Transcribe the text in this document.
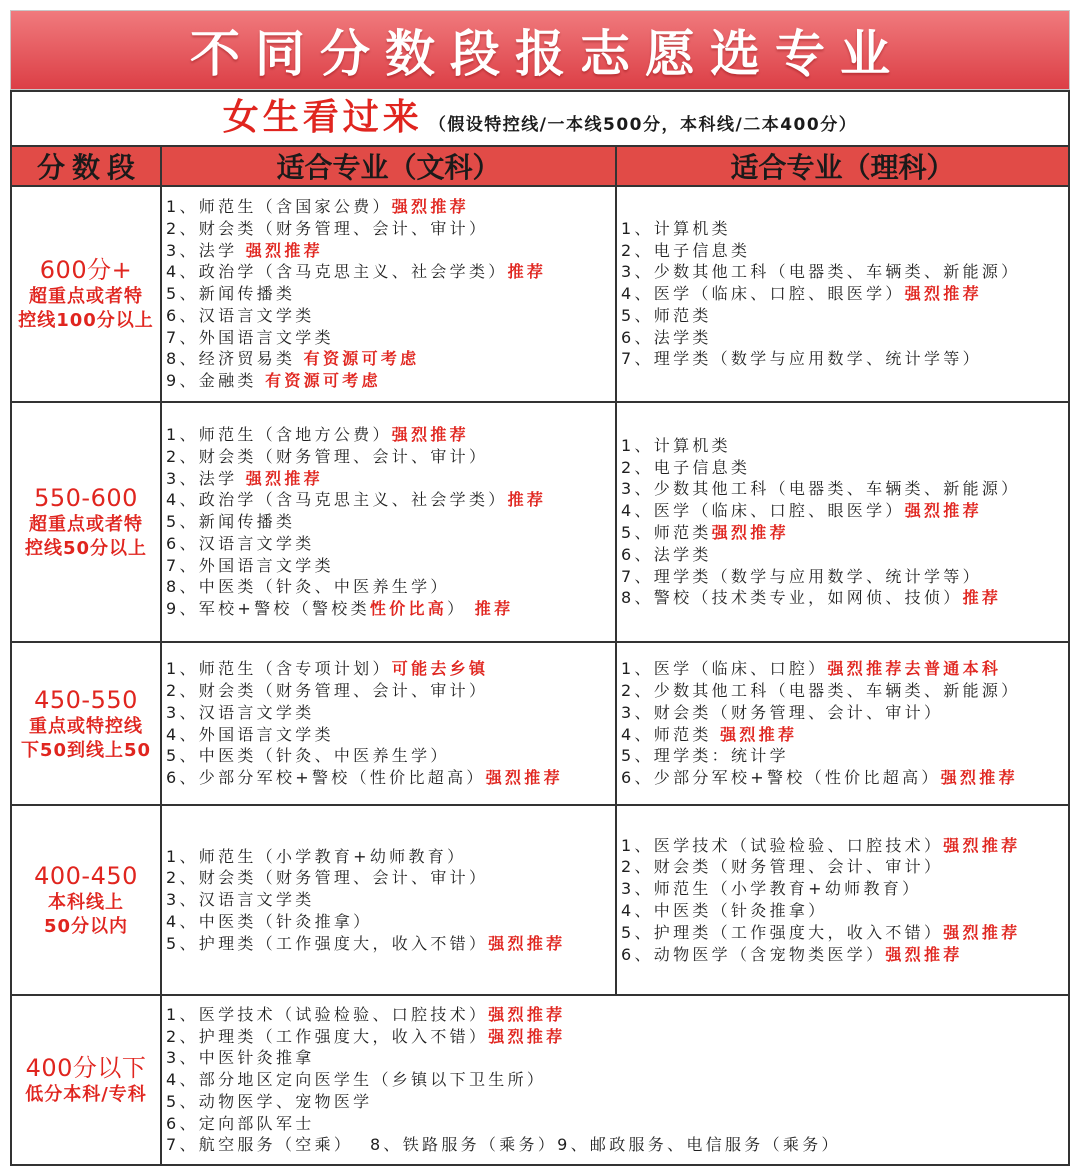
不同分数段报志愿选专业
女生看过来 （假设特控线/一本线500分，本科线/二本400分）
分数段	适合专业（文科）	适合专业（理科）
600分+
超重点或者特
控线100分以上
1、师范生（含国家公费）强烈推荐
2、财会类（财务管理、会计、审计）
3、法学 强烈推荐
4、政治学（含马克思主义、社会学类）推荐
5、新闻传播类
6、汉语言文学类
7、外国语言文学类
8、经济贸易类 有资源可考虑
9、金融类 有资源可考虑
1、计算机类
2、电子信息类
3、少数其他工科（电器类、车辆类、新能源）
4、医学（临床、口腔、眼医学）强烈推荐
5、师范类
6、法学类
7、理学类（数学与应用数学、统计学等）
550-600
超重点或者特
控线50分以上
1、师范生（含地方公费）强烈推荐
2、财会类（财务管理、会计、审计）
3、法学 强烈推荐
4、政治学（含马克思主义、社会学类）推荐
5、新闻传播类
6、汉语言文学类
7、外国语言文学类
8、中医类（针灸、中医养生学）
9、军校+警校（警校类性价比高） 推荐
1、计算机类
2、电子信息类
3、少数其他工科（电器类、车辆类、新能源）
4、医学（临床、口腔、眼医学）强烈推荐
5、师范类强烈推荐
6、法学类
7、理学类（数学与应用数学、统计学等）
8、警校（技术类专业，如网侦、技侦）推荐
450-550
重点或特控线
下50到线上50
1、师范生（含专项计划）可能去乡镇
2、财会类（财务管理、会计、审计）
3、汉语言文学类
4、外国语言文学类
5、中医类（针灸、中医养生学）
6、少部分军校+警校（性价比超高）强烈推荐
1、医学（临床、口腔）强烈推荐去普通本科
2、少数其他工科（电器类、车辆类、新能源）
3、财会类（财务管理、会计、审计）
4、师范类 强烈推荐
5、理学类：统计学
6、少部分军校+警校（性价比超高）强烈推荐
400-450
本科线上
50分以内
1、师范生（小学教育+幼师教育）
2、财会类（财务管理、会计、审计）
3、汉语言文学类
4、中医类（针灸推拿）
5、护理类（工作强度大，收入不错）强烈推荐
1、医学技术（试验检验、口腔技术）强烈推荐
2、财会类（财务管理、会计、审计）
3、师范生（小学教育+幼师教育）
4、中医类（针灸推拿）
5、护理类（工作强度大，收入不错）强烈推荐
6、动物医学（含宠物类医学）强烈推荐
400分以下
低分本科/专科
1、医学技术（试验检验、口腔技术）强烈推荐
2、护理类（工作强度大，收入不错）强烈推荐
3、中医针灸推拿
4、部分地区定向医学生（乡镇以下卫生所）
5、动物医学、宠物医学
6、定向部队军士
7、航空服务（空乘）  8、铁路服务（乘务）9、邮政服务、电信服务（乘务）
